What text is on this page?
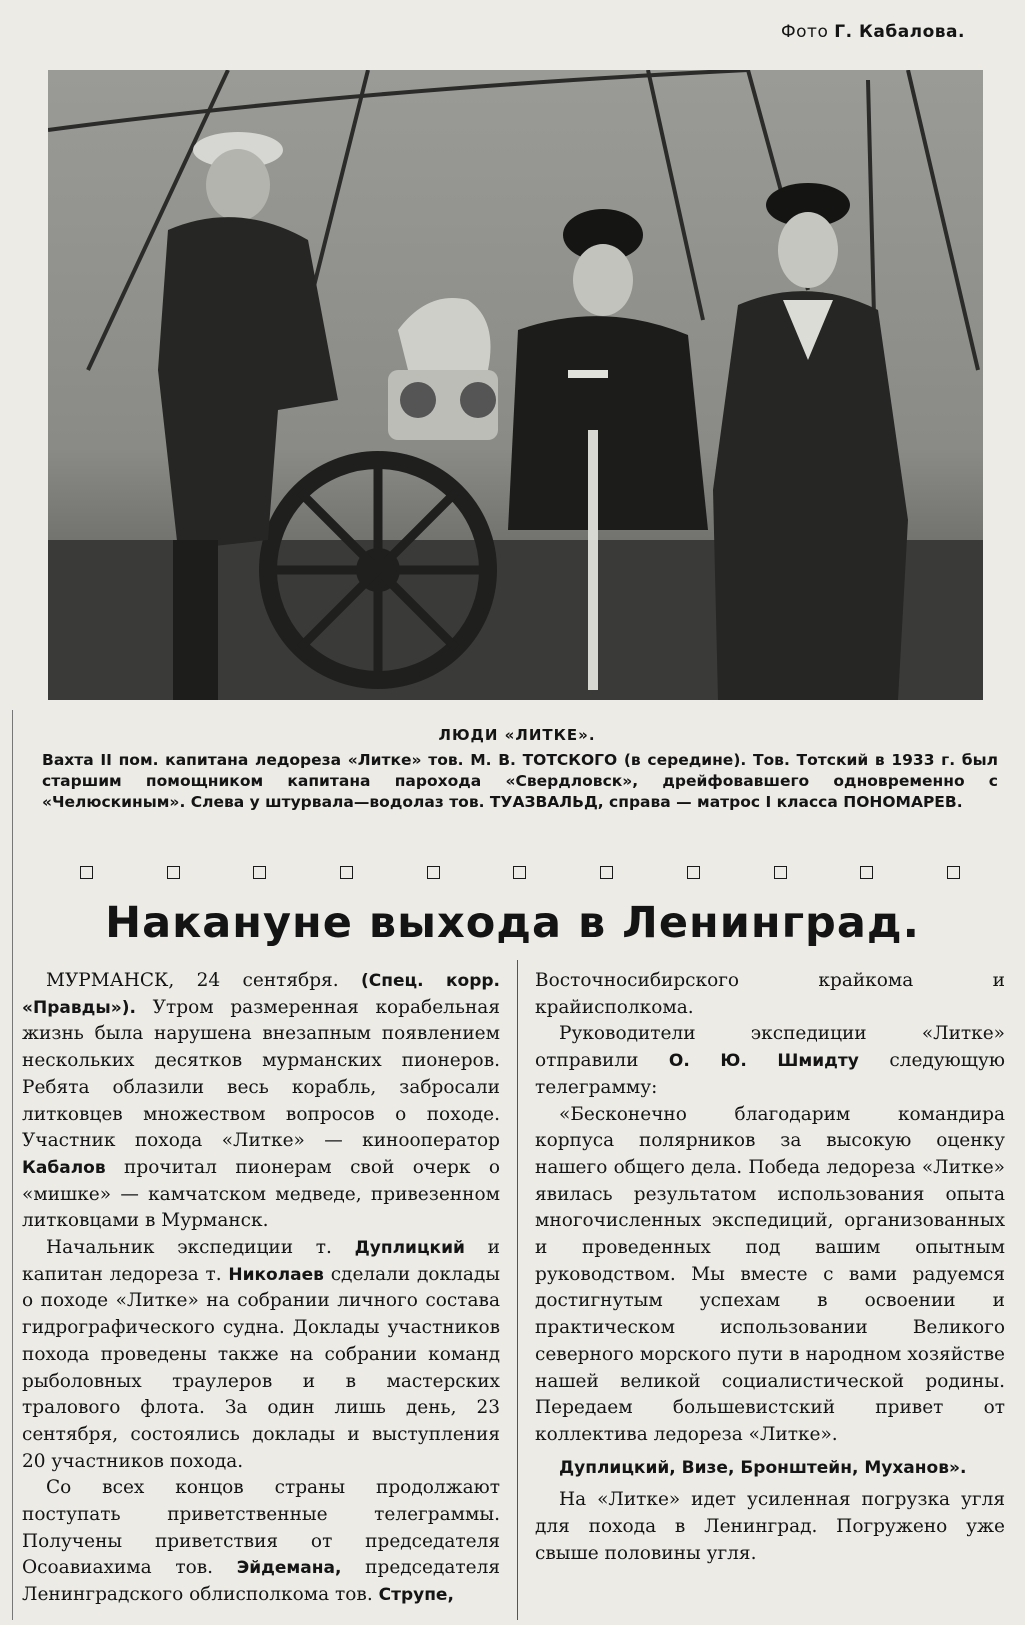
Фото Г. Кабалова.
ЛЮДИ «ЛИТКЕ».
Вахта II пом. капитана ледореза «Литке» тов. М. В. ТОТСКОГО (в середине). Тов. Тотский в 1933 г. был старшим помощником капитана парохода «Свердловск», дрейфовавшего одновременно с «Челюскиным». Слева у штурвала—водолаз тов. ТУАЗВАЛЬД, справа — матрос I класса ПОНОМАРЕВ.
Накануне выхода в Ленинград.

МУРМАНСК, 24 сентября. (Спец. корр. «Правды»). Утром размеренная корабельная жизнь была нарушена внезапным появлением нескольких десятков мурманских пионеров. Ребята облазили весь корабль, забросали литковцев множеством вопросов о походе. Участник похода «Литке» — кинооператор Кабалов прочитал пионерам свой очерк о «мишке» — камчатском медведе, привезенном литковцами в Мурманск.

Начальник экспедиции т. Дуплицкий и капитан ледореза т. Николаев сделали доклады о походе «Литке» на собрании личного состава гидрографического судна. Доклады участников похода проведены также на собрании команд рыболовных траулеров и в мастерских тралового флота. За один лишь день, 23 сентября, состоялись доклады и выступления 20 участников похода.

Со всех концов страны продолжают поступать приветственные телеграммы. Получены приветствия от председателя Осоавиахима тов. Эйдемана, председателя Ленинградского облисполкома тов. Струпе,

Восточносибирского крайкома и крайисполкома.

Руководители экспедиции «Литке» отправили О. Ю. Шмидту следующую телеграмму:

«Бесконечно благодарим командира корпуса полярников за высокую оценку нашего общего дела. Победа ледореза «Литке» явилась результатом использования опыта многочисленных экспедиций, организованных и проведенных под вашим опытным руководством. Мы вместе с вами радуемся достигнутым успехам в освоении и практическом использовании Великого северного морского пути в народном хозяйстве нашей великой социалистической родины. Передаем большевистский привет от коллектива ледореза «Литке».

Дуплицкий, Визе, Бронштейн, Муханов».

На «Литке» идет усиленная погрузка угля для похода в Ленинград. Погружено уже свыше половины угля.
